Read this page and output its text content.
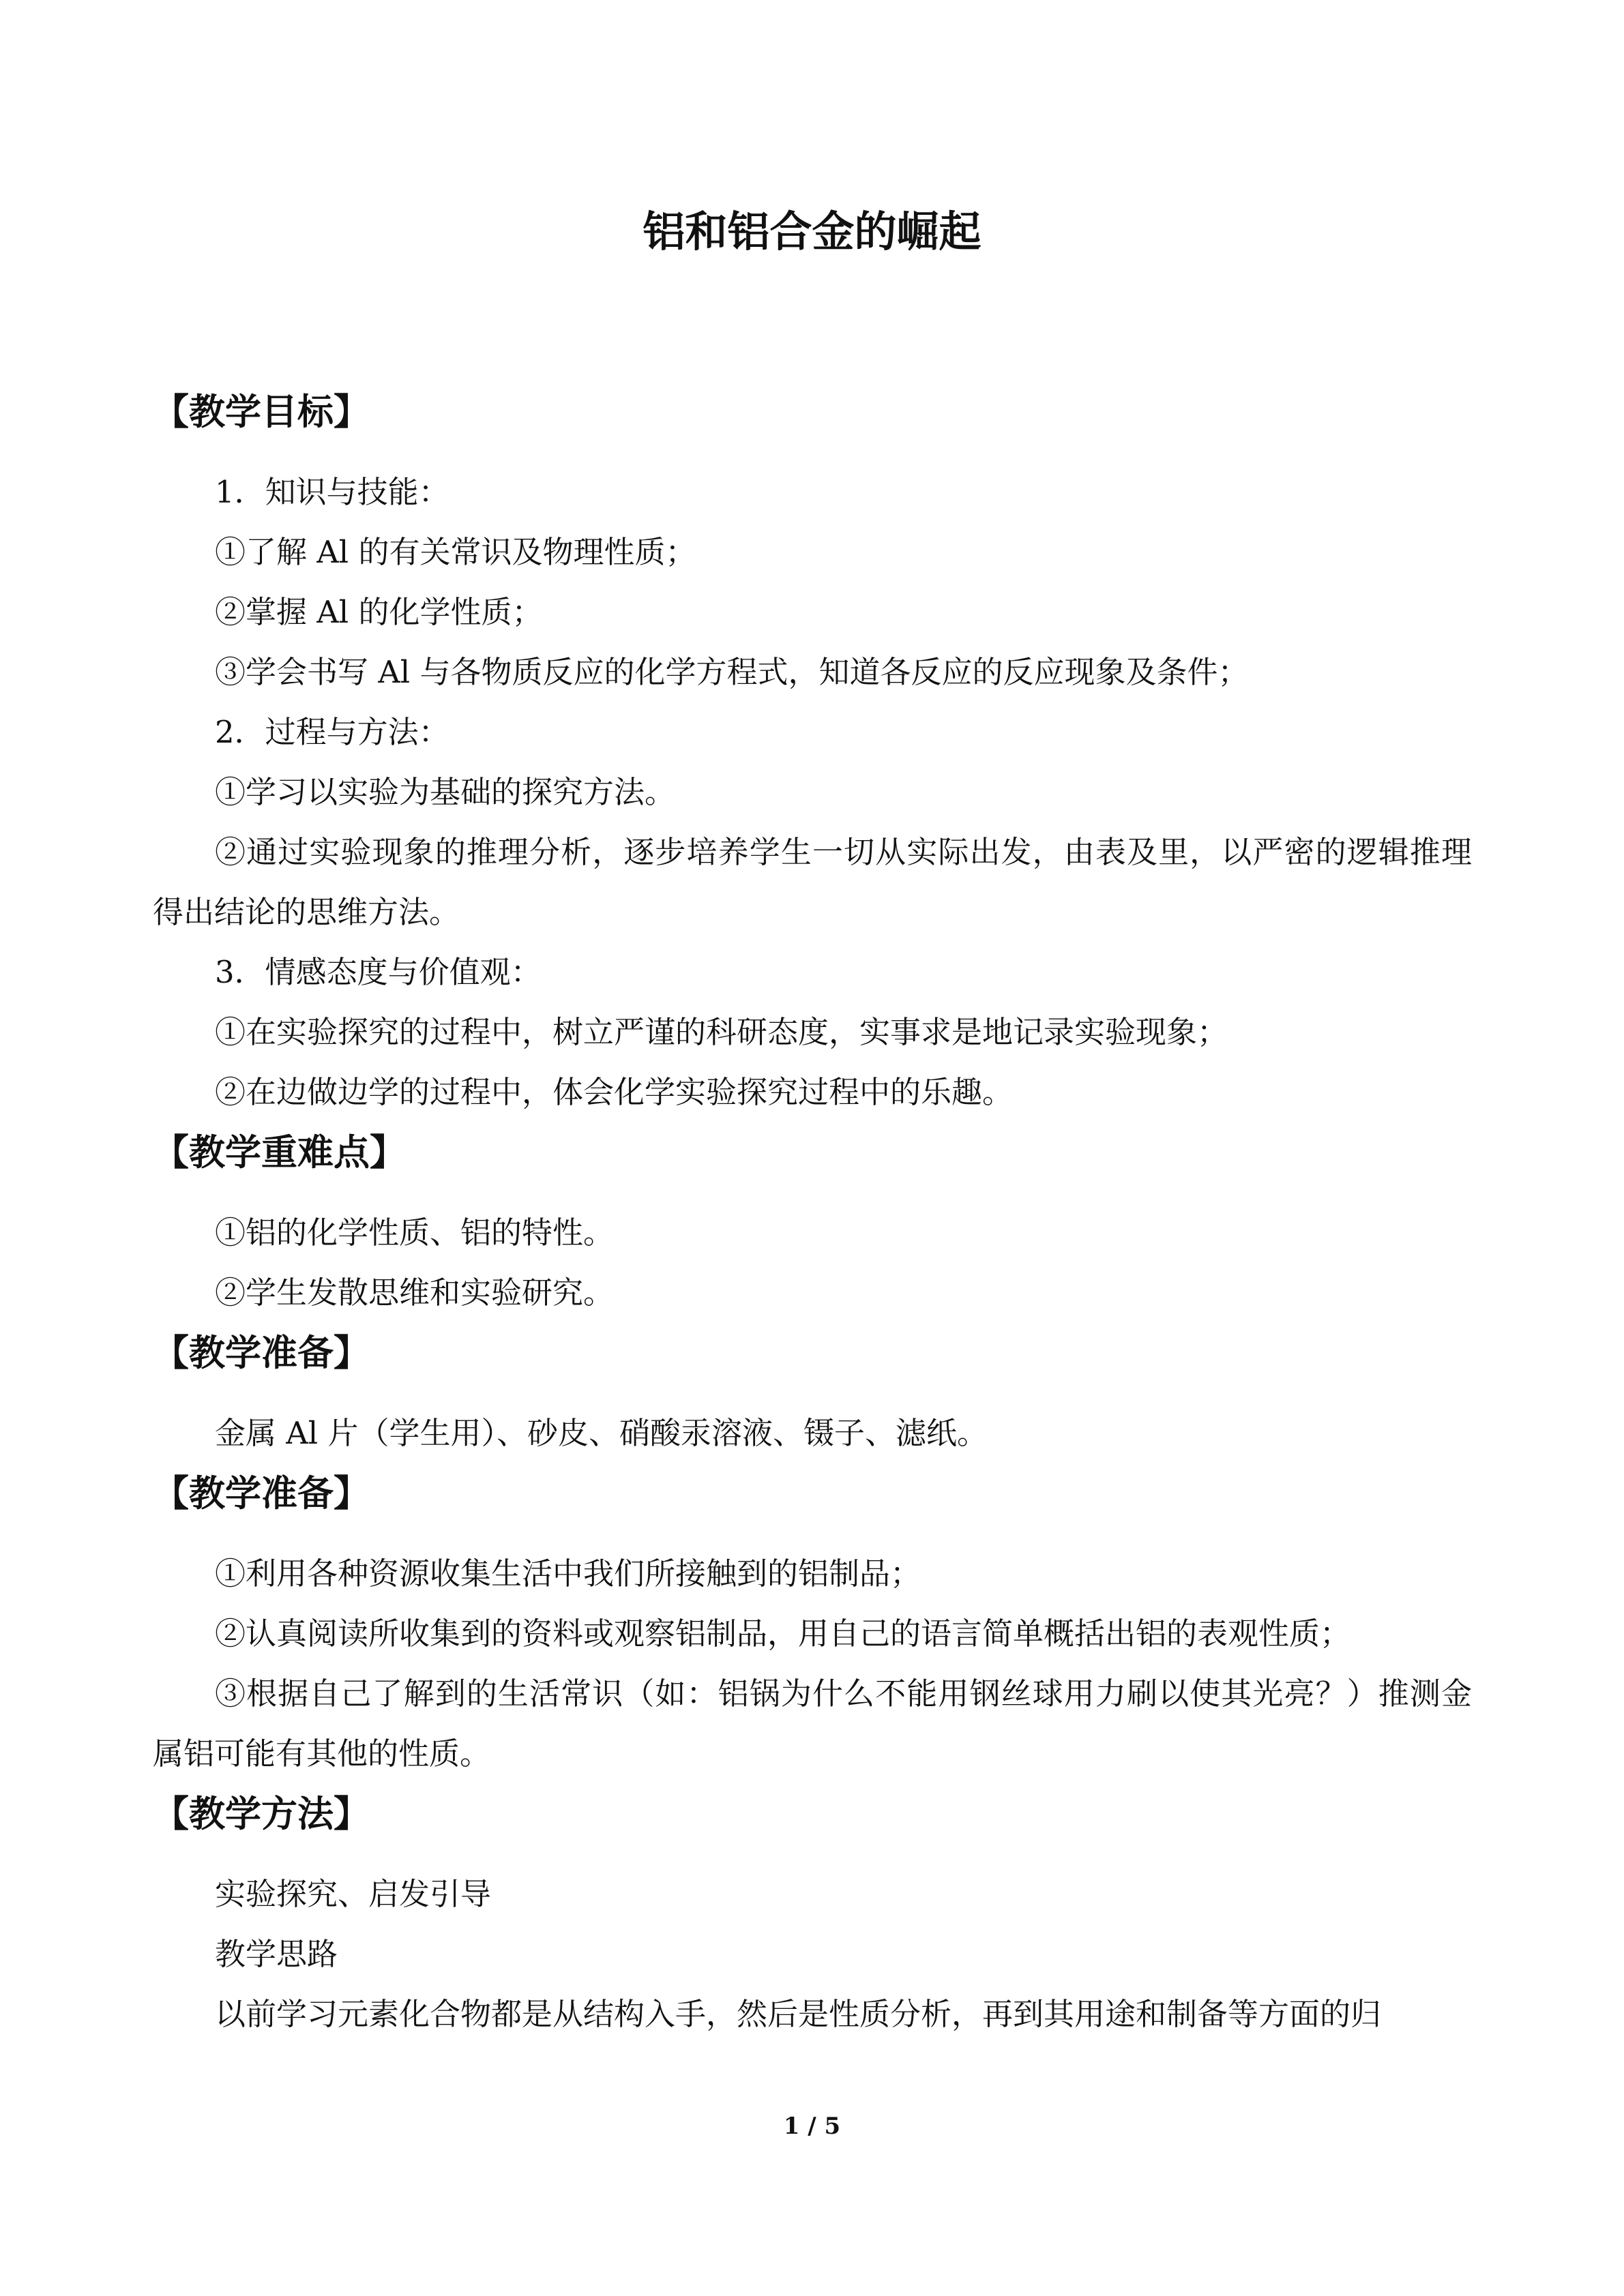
铝和铝合金的崛起
【教学目标】

1．知识与技能：

①了解 Al 的有关常识及物理性质；

②掌握 Al 的化学性质；

③学会书写 Al 与各物质反应的化学方程式，知道各反应的反应现象及条件；

2．过程与方法：

①学习以实验为基础的探究方法。

②通过实验现象的推理分析，逐步培养学生一切从实际出发，由表及里，以严密的逻辑推理得出结论的思维方法。

3．情感态度与价值观：

①在实验探究的过程中，树立严谨的科研态度，实事求是地记录实验现象；

②在边做边学的过程中，体会化学实验探究过程中的乐趣。

【教学重难点】

①铝的化学性质、铝的特性。

②学生发散思维和实验研究。

【教学准备】

金属 Al 片（学生用）、砂皮、硝酸汞溶液、镊子、滤纸。

【教学准备】

①利用各种资源收集生活中我们所接触到的铝制品；

②认真阅读所收集到的资料或观察铝制品，用自己的语言简单概括出铝的表观性质；

③根据自己了解到的生活常识（如：铝锅为什么不能用钢丝球用力刷以使其光亮？）推测金属铝可能有其他的性质。

【教学方法】

实验探究、启发引导

教学思路

以前学习元素化合物都是从结构入手，然后是性质分析，再到其用途和制备等方面的归

1 / 5
